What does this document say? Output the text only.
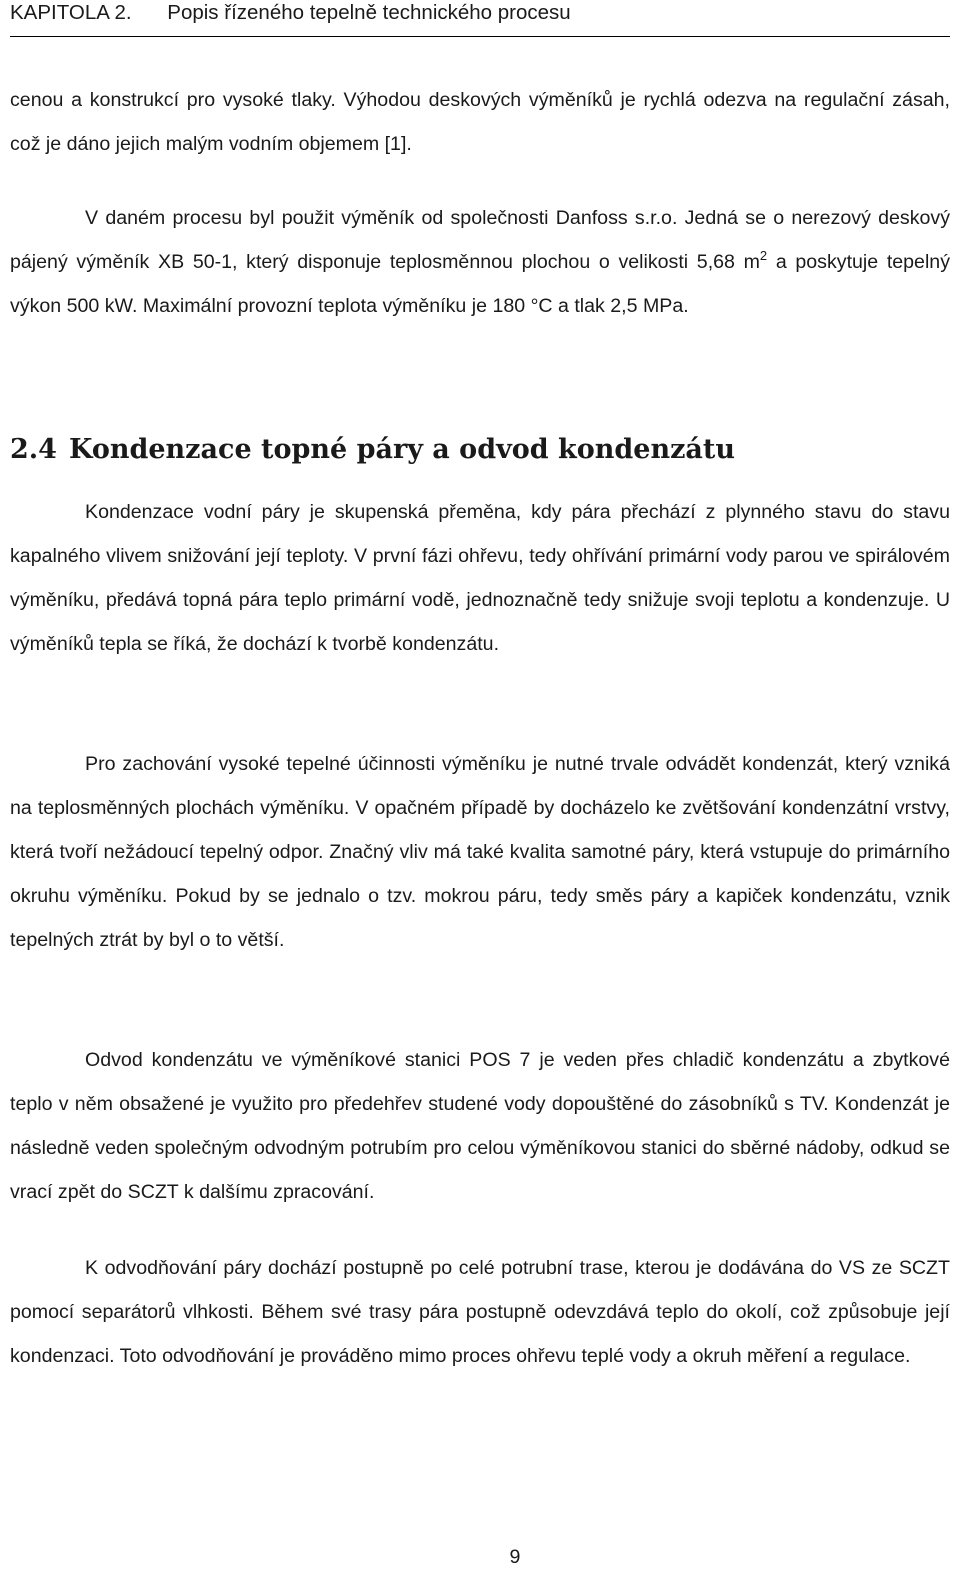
KAPITOLA 2. Popis řízeného tepelně technického procesu

cenou a konstrukcí pro vysoké tlaky. Výhodou deskových výměníků je rychlá odezva na regulační zásah, což je dáno jejich malým vodním objemem [1].

V daném procesu byl použit výměník od společnosti Danfoss s.r.o. Jedná se o nerezový deskový pájený výměník XB 50-1, který disponuje teplosměnnou plochou o velikosti 5,68 $m^2$ a poskytuje tepelný výkon 500 kW. Maximální provozní teplota výměníku je 180 °C a tlak 2,5 MPa.

2.4 Kondenzace topné páry a odvod kondenzátu

Kondenzace vodní páry je skupenská přeměna, kdy pára přechází z plynného stavu do stavu kapalného vlivem snižování její teploty. V první fázi ohřevu, tedy ohřívání primární vody parou ve spirálovém výměníku, předává topná pára teplo primární vodě, jednoznačně tedy snižuje svoji teplotu a kondenzuje. U výměníků tepla se říká, že dochází k tvorbě kondenzátu.

Pro zachování vysoké tepelné účinnosti výměníku je nutné trvale odvádět kondenzát, který vzniká na teplosměnných plochách výměníku. V opačném případě by docházelo ke zvětšování kondenzátní vrstvy, která tvoří nežádoucí tepelný odpor. Značný vliv má také kvalita samotné páry, která vstupuje do primárního okruhu výměníku. Pokud by se jednalo o tzv. mokrou páru, tedy směs páry a kapiček kondenzátu, vznik tepelných ztrát by byl o to větší.

Odvod kondenzátu ve výměníkové stanici POS 7 je veden přes chladič kondenzátu a zbytkové teplo v něm obsažené je využito pro předehřev studené vody dopouštěné do zásobníků s TV. Kondenzát je následně veden společným odvodným potrubím pro celou výměníkovou stanici do sběrné nádoby, odkud se vrací zpět do SCZT k dalšímu zpracování.

K odvodňování páry dochází postupně po celé potrubní trase, kterou je dodávána do VS ze SCZT pomocí separátorů vlhkosti. Během své trasy pára postupně odevzdává teplo do okolí, což způsobuje její kondenzaci. Toto odvodňování je prováděno mimo proces ohřevu teplé vody a okruh měření a regulace.

9
